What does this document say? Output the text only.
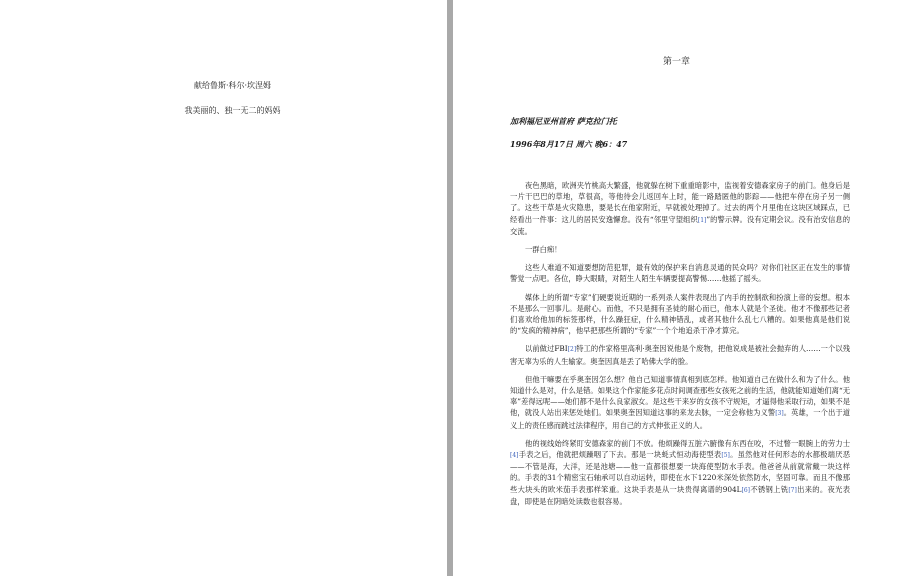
献给鲁斯·科尔·坎涅姆

我美丽的、独一无二的妈妈

第一章

加利福尼亚州首府 萨克拉门托

1996年8月17日 周六 晚6：47

夜色黑暗，欧洲夹竹桃高大繁盛，他就躲在树下重重暗影中，监视着安德森家房子的前门。他身后是一片干巴巴的草地，草很高，等他待会儿返回车上时，能一路踏匿他的影踪——他把车停在房子另一侧了。这些干草是火灾隐患，要是长在他家附近，早就被处理掉了。过去的两个月里他在这块区域踩点，已经看出一件事：这儿的居民安逸懈怠。没有“邻里守望组织[1]”的警示牌。没有定期会议。没有治安信息的交流。

一群白痴！

这些人难道不知道要想防范犯罪，最有效的保护来自消息灵通的民众吗？对你们社区正在发生的事情警觉一点吧。各位，睁大眼睛，对陌生人陌生车辆要提高警惕……他摇了摇头。

媒体上的所谓“专家”们硬要说近期的一系列杀人案件表现出了内手的控制欲和扮演上帝的妄想。根本不是那么一回事儿。是耐心。而他，不只是拥有圣徒的耐心而已，他本人就是个圣徒。他才不像那些记者们喜欢给他加的标签那样，什么躁狂症，什么精神错乱，或者其他什么乱七八糟的。如果他真是他们说的“发疯的精神病”，他早把那些所谓的“专家”一个个地追杀干净才算完。

以前做过FBI[2]特工的作家格里高利·奥奎因说他是个废物，把他说成是被社会抛弃的人……一个以残害无辜为乐的人生输家。奥奎因真是丢了哈佛大学的脸。

但他干嘛要在乎奥奎因怎么想？他自己知道事情真相到底怎样。他知道自己在做什么和为了什么。他知道什么是对，什么是错。如果这个作家能多花点时间调查那些女孩死之前的生活，他就能知道她们离“无辜”差得远呢——她们都不是什么良家淑女。是这些干来岁的女孩不守规矩，才逼得他采取行动，如果不是他，就没人站出来惩处她们。如果奥奎因知道这事的来龙去脉，一定会称他为义警[3]。英雄，一个出于道义上的责任感而跳过法律程序，用自己的方式伸张正义的人。

他的视线始终紧盯安德森家的前门不放。他烦躁得五脏六腑像有东西在咬，不过瞥一眼腕上的劳力士[4]手表之后，他就把烦躁咽了下去。那是一块蚝式恒动海使型表[5]。虽然他对任何形态的水都极端厌恶——不管是海，大洋，还是池塘——他一直都很想要一块海使型防水手表。他爸爸从前就常戴一块这样的。手表的31个精密宝石轴承可以自动运转，即使在水下1220米深处依然防水，坚固可靠。而且不像那些大块头的欧米茄手表那样笨重。这块手表是从一块贵得离谱的904L[6]不锈钢上铣[7]出来的。夜光表盘，即使是在阴暗处读数也很容易。
